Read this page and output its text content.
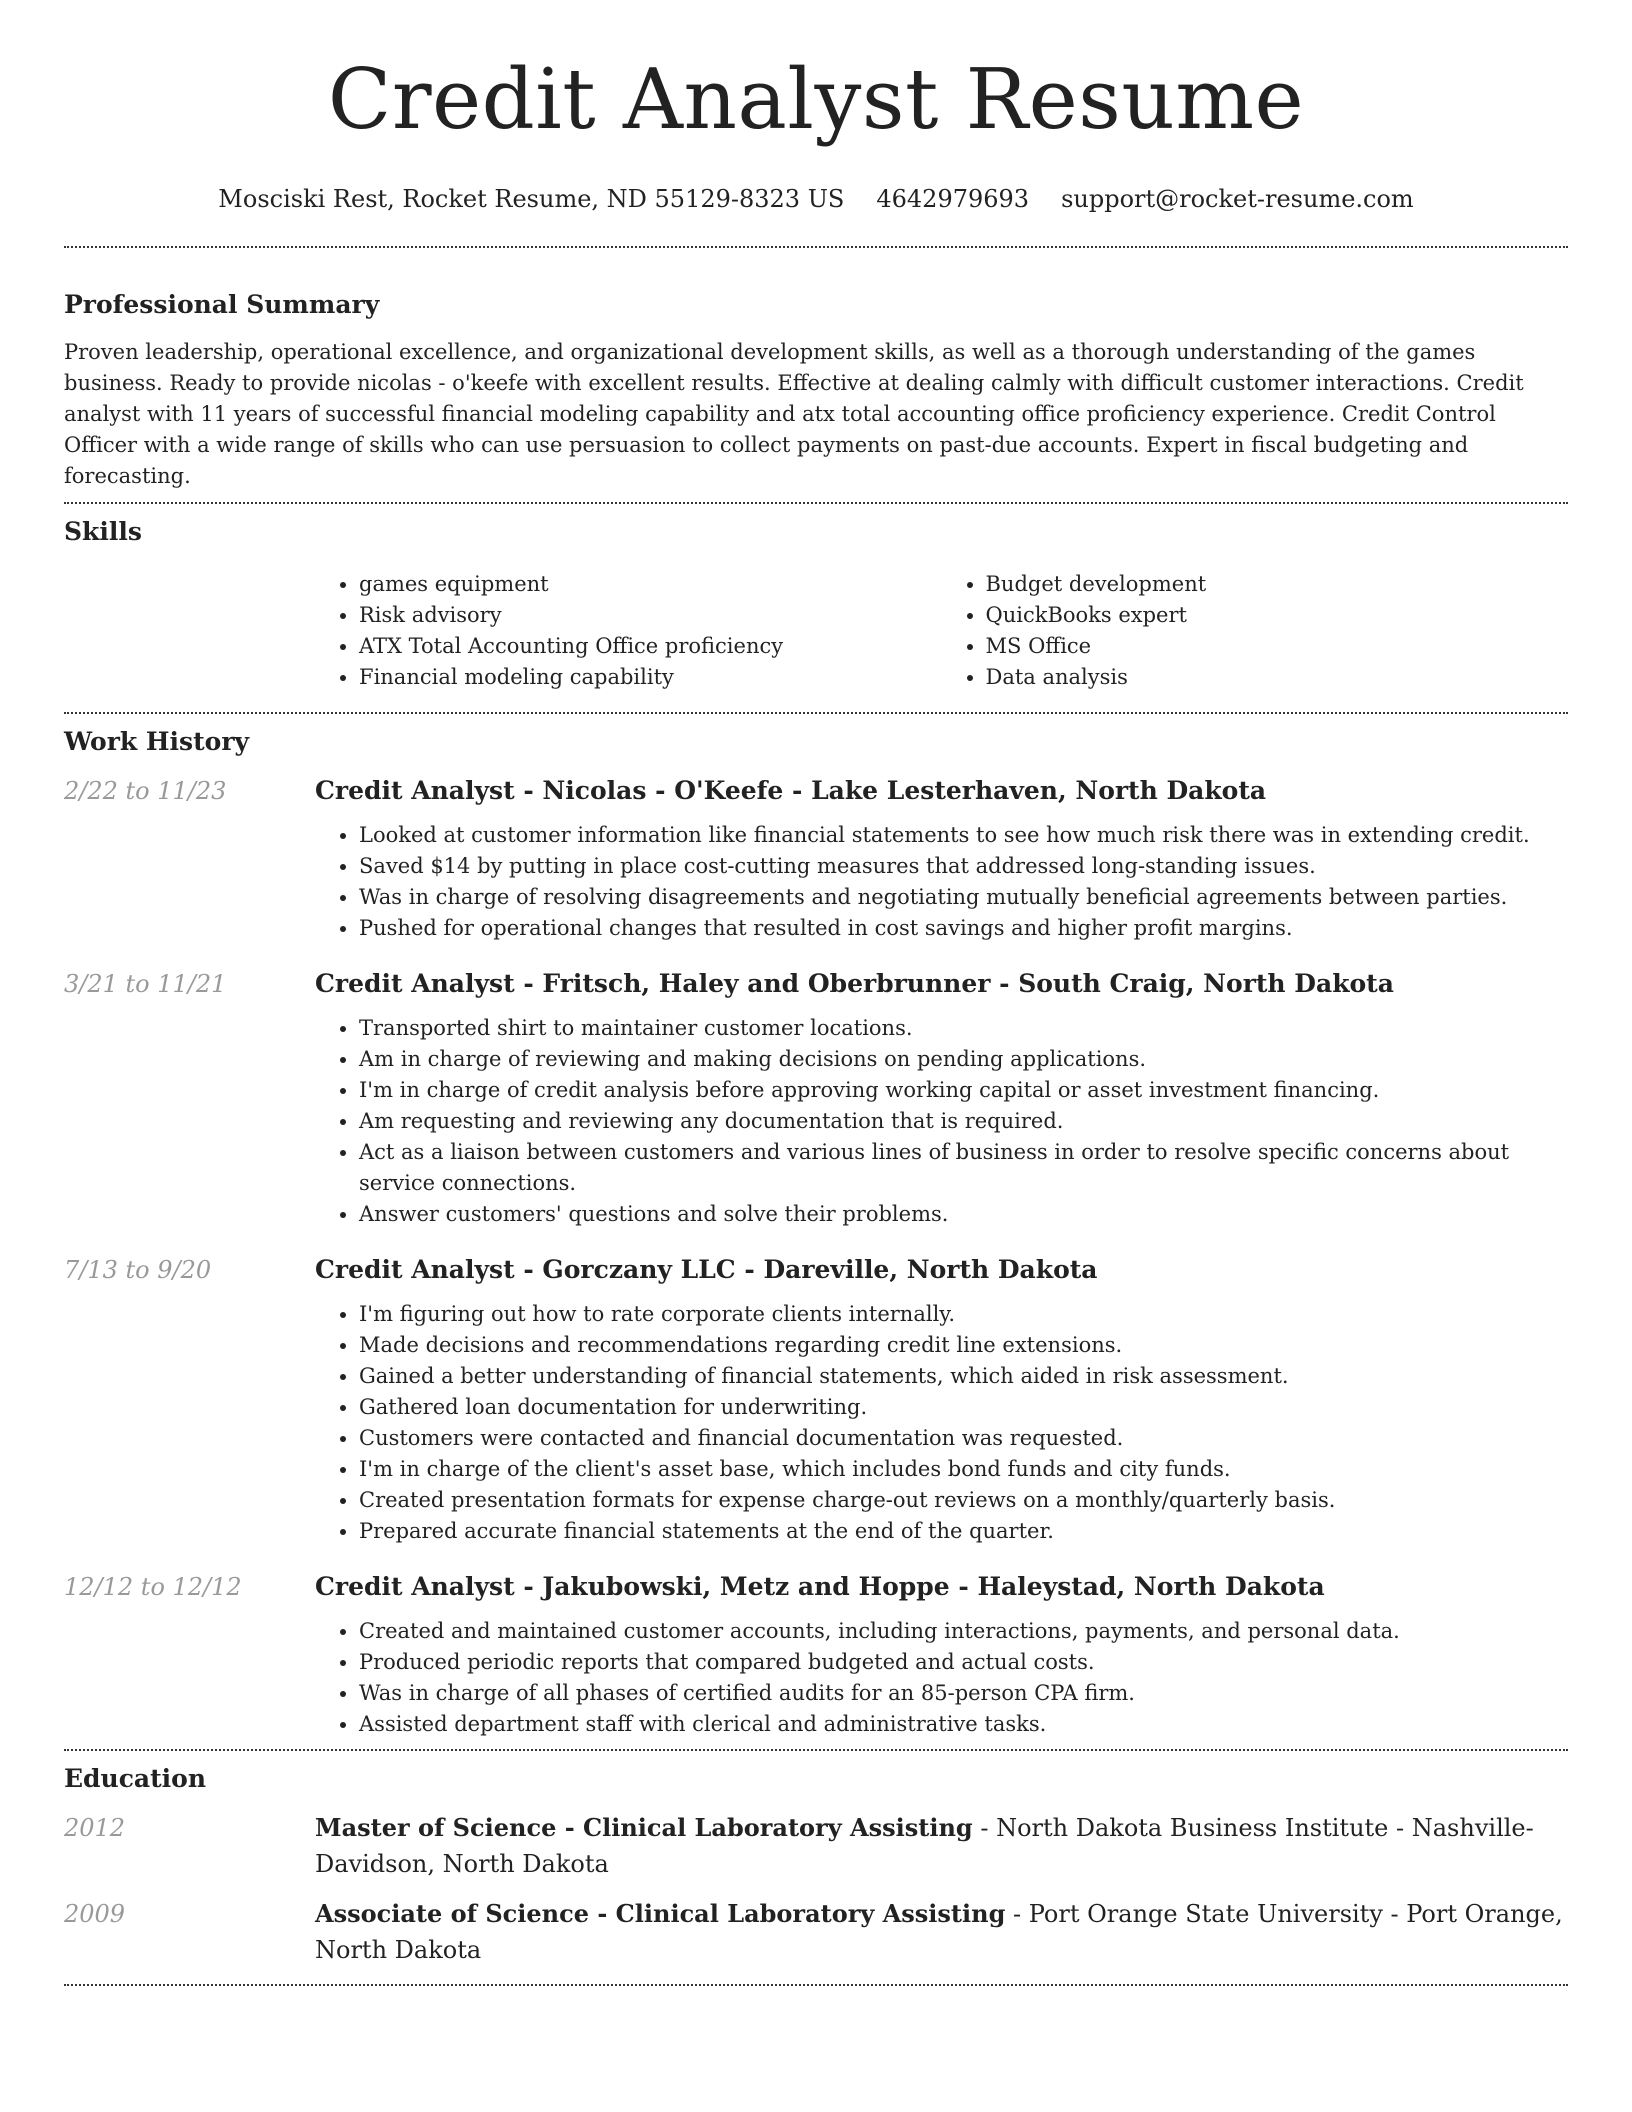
Credit Analyst Resume
Mosciski Rest, Rocket Resume, ND 55129-8323 US 4642979693 support@rocket-resume.com
Professional Summary

Proven leadership, operational excellence, and organizational development skills, as well as a thorough understanding of the games business. Ready to provide nicolas - o'keefe with excellent results. Effective at dealing calmly with difficult customer interactions. Credit analyst with 11 years of successful financial modeling capability and atx total accounting office proficiency experience. Credit Control Officer with a wide range of skills who can use persuasion to collect payments on past-due accounts. Expert in fiscal budgeting and forecasting.

Skills
• games equipment
• Risk advisory
• ATX Total Accounting Office proficiency
• Financial modeling capability
• Budget development
• QuickBooks expert
• MS Office
• Data analysis
Work History
2/22 to 11/23	Credit Analyst - Nicolas - O'Keefe - Lake Lesterhaven, North Dakota
• Looked at customer information like financial statements to see how much risk there was in extending credit.
• Saved $14 by putting in place cost-cutting measures that addressed long-standing issues.
• Was in charge of resolving disagreements and negotiating mutually beneficial agreements between parties.
• Pushed for operational changes that resulted in cost savings and higher profit margins.
3/21 to 11/21	Credit Analyst - Fritsch, Haley and Oberbrunner - South Craig, North Dakota
• Transported shirt to maintainer customer locations.
• Am in charge of reviewing and making decisions on pending applications.
• I'm in charge of credit analysis before approving working capital or asset investment financing.
• Am requesting and reviewing any documentation that is required.
• Act as a liaison between customers and various lines of business in order to resolve specific concerns about service connections.
• Answer customers' questions and solve their problems.
7/13 to 9/20	Credit Analyst - Gorczany LLC - Dareville, North Dakota
• I'm figuring out how to rate corporate clients internally.
• Made decisions and recommendations regarding credit line extensions.
• Gained a better understanding of financial statements, which aided in risk assessment.
• Gathered loan documentation for underwriting.
• Customers were contacted and financial documentation was requested.
• I'm in charge of the client's asset base, which includes bond funds and city funds.
• Created presentation formats for expense charge-out reviews on a monthly/quarterly basis.
• Prepared accurate financial statements at the end of the quarter.
12/12 to 12/12	Credit Analyst - Jakubowski, Metz and Hoppe - Haleystad, North Dakota
• Created and maintained customer accounts, including interactions, payments, and personal data.
• Produced periodic reports that compared budgeted and actual costs.
• Was in charge of all phases of certified audits for an 85-person CPA firm.
• Assisted department staff with clerical and administrative tasks.
Education
2012	Master of Science - Clinical Laboratory Assisting - North Dakota Business Institute - Nashville-Davidson, North Dakota

2009	Associate of Science - Clinical Laboratory Assisting - Port Orange State University - Port Orange, North Dakota
